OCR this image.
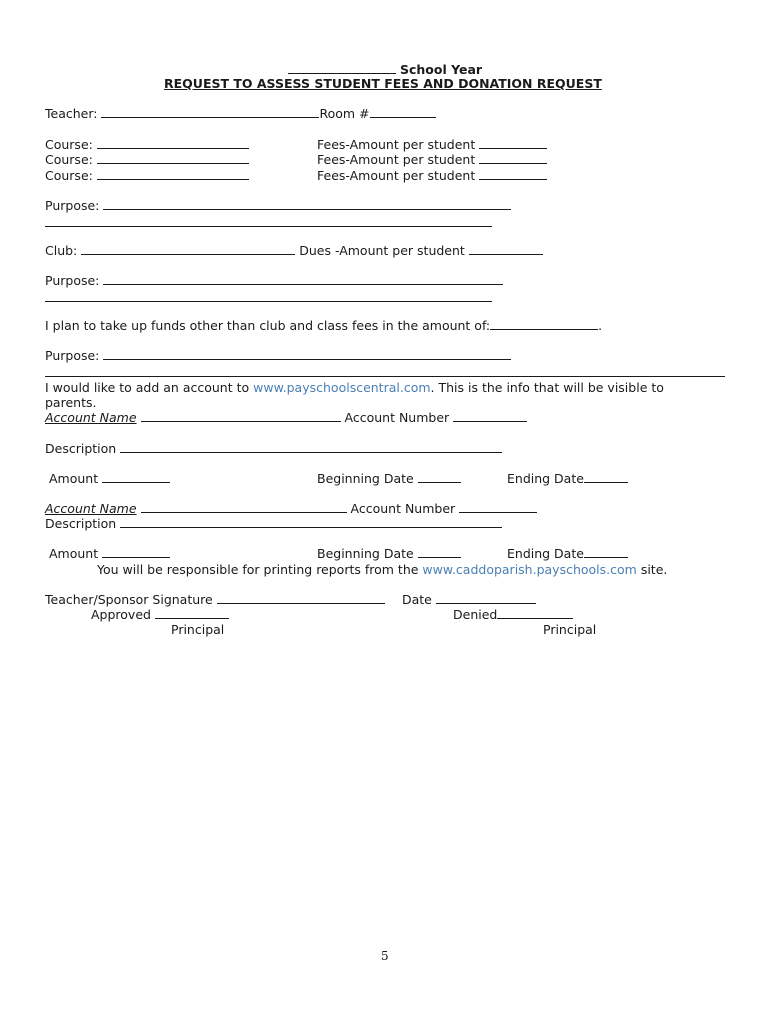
School Year
REQUEST TO ASSESS STUDENT FEES AND DONATION REQUEST
Teacher:	Room #
Course:	Fees-Amount per student
Course:	Fees-Amount per student
Course:	Fees-Amount per student
Purpose:
Club:	Dues -Amount per student
Purpose:
I plan to take up funds other than club and class fees in the amount of:	.
Purpose:
I would like to add an account to www.payschoolscentral.com. This is the info that will be visible to
parents.
Account Name	Account Number
Description
Amount	Beginning Date	Ending Date
Account Name	Account Number
Description
Amount	Beginning Date	Ending Date
You will be responsible for printing reports from the www.caddoparish.payschools.com site.
Teacher/Sponsor Signature	Date
Approved	Denied
Principal	Principal
5
